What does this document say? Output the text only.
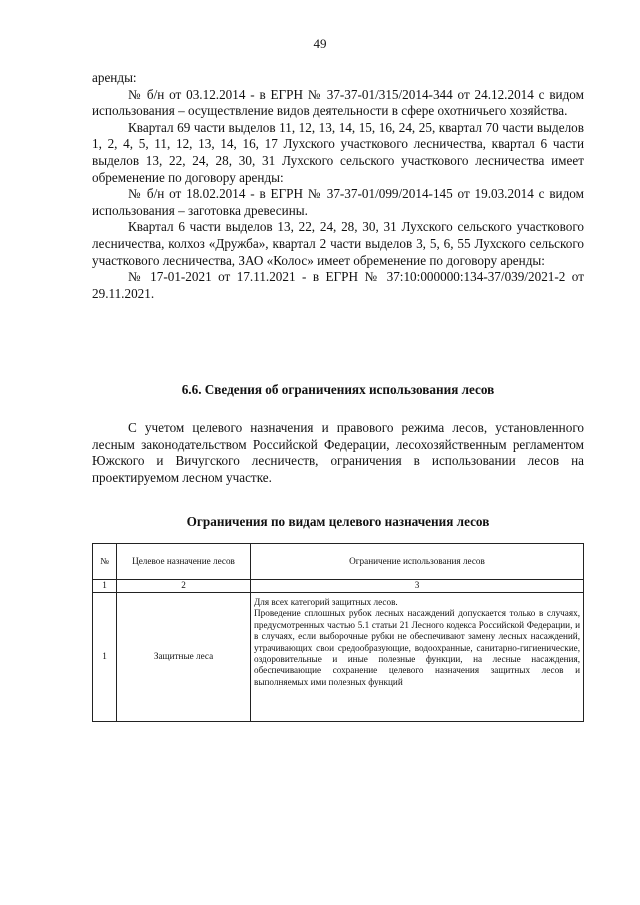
49

аренды:

№ б/н от 03.12.2014 - в ЕГРН № 37-37-01/315/2014-344 от 24.12.2014 с видом использования – осуществление видов деятельности в сфере охотничьего хозяйства.

Квартал 69 части выделов 11, 12, 13, 14, 15, 16, 24, 25, квартал 70 части выделов 1, 2, 4, 5, 11, 12, 13, 14, 16, 17 Лухского участкового лесничества, квартал 6 части выделов 13, 22, 24, 28, 30, 31 Лухского сельского участкового лесничества имеет обременение по договору аренды:

№ б/н от 18.02.2014 - в ЕГРН № 37-37-01/099/2014-145 от 19.03.2014 с видом использования – заготовка древесины.

Квартал 6 части выделов 13, 22, 24, 28, 30, 31 Лухского сельского участкового лесничества, колхоз «Дружба», квартал 2 части выделов 3, 5, 6, 55 Лухского сельского участкового лесничества, ЗАО «Колос» имеет обременение по договору аренды:

№ 17-01-2021 от 17.11.2021 - в ЕГРН № 37:10:000000:134-37/039/2021-2 от 29.11.2021.

6.6. Сведения об ограничениях использования лесов

С учетом целевого назначения и правового режима лесов, установленного лесным законодательством Российской Федерации, лесохозяйственным регламентом Южского и Вичугского лесничеств, ограничения в использовании лесов на проектируемом лесном участке.

Ограничения по видам целевого назначения лесов

№	Целевое назначение лесов	Ограничение использования лесов
1	2	3
1	Защитные леса	Для всех категорий защитных лесов.
Проведение сплошных рубок лесных насаждений допускается только в случаях, предусмотренных частью 5.1 статьи 21 Лесного кодекса Российской Федерации, и в случаях, если выборочные рубки не обеспечивают замену лесных насаждений, утрачивающих свои средообразующие, водоохранные, санитарно-гигиенические, оздоровительные и иные полезные функции, на лесные насаждения, обеспечивающие сохранение целевого назначения защитных лесов и выполняемых ими полезных функций
